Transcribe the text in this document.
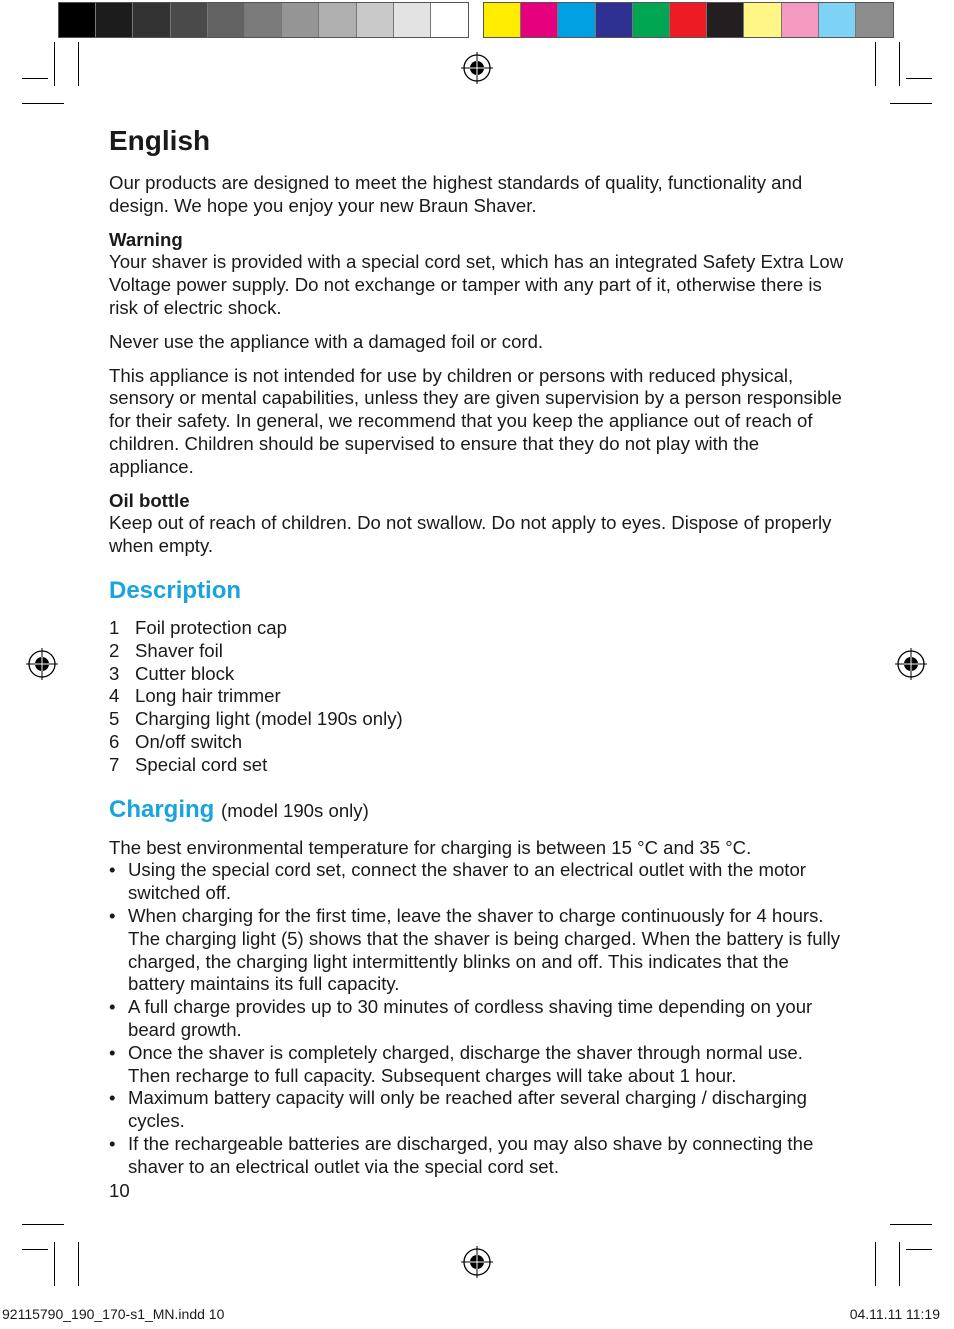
English

Our products are designed to meet the highest standards of quality, functionality and design. We hope you enjoy your new Braun Shaver.

Warning
Your shaver is provided with a special cord set, which has an integrated Safety Extra Low Voltage power supply. Do not exchange or tamper with any part of it, otherwise there is risk of electric shock.

Never use the appliance with a damaged foil or cord.

This appliance is not intended for use by children or persons with reduced physical, sensory or mental capabilities, unless they are given supervision by a person responsible for their safety. In general, we recommend that you keep the appliance out of reach of children. Children should be supervised to ensure that they do not play with the appliance.

Oil bottle
Keep out of reach of children. Do not swallow. Do not apply to eyes. Dispose of properly when empty.

Description
1 Foil protection cap
2 Shaver foil
3 Cutter block
4 Long hair trimmer
5 Charging light (model 190s only)
6 On/off switch
7 Special cord set
Charging (model 190s only)
The best environmental temperature for charging is between 15 °C and 35 °C.
• Using the special cord set, connect the shaver to an electrical outlet with the motor switched off.
• When charging for the first time, leave the shaver to charge continuously for 4 hours. The charging light (5) shows that the shaver is being charged. When the battery is fully charged, the charging light intermittently blinks on and off. This indicates that the battery maintains its full capacity.
• A full charge provides up to 30 minutes of cordless shaving time depending on your beard growth.
• Once the shaver is completely charged, discharge the shaver through normal use. Then recharge to full capacity. Subsequent charges will take about 1 hour.
• Maximum battery capacity will only be reached after several charging / discharging cycles.
• If the rechargeable batteries are discharged, you may also shave by connecting the shaver to an electrical outlet via the special cord set.
10
92115790_190_170-s1_MN.indd 10	04.11.11 11:19
